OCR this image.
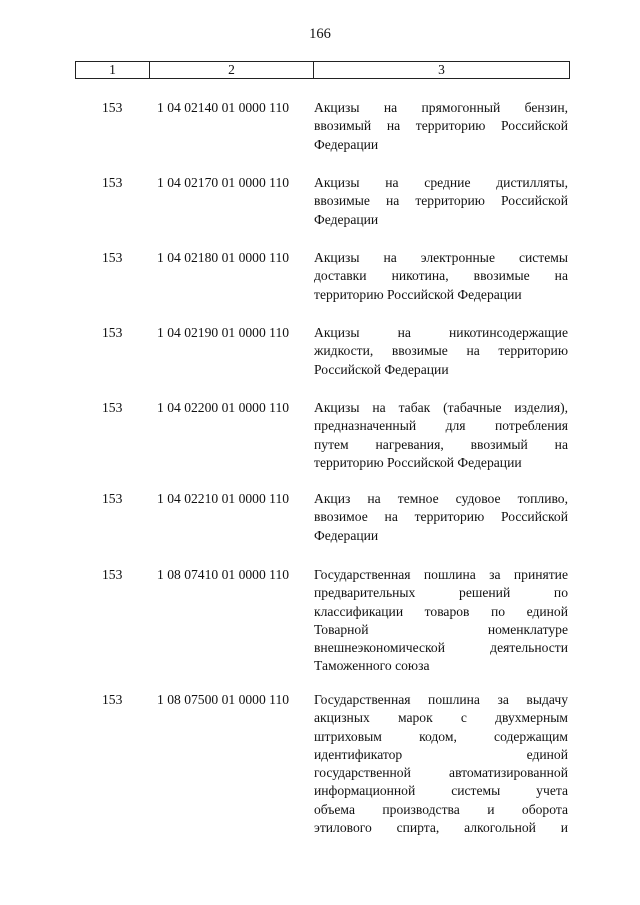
166
1	2	3
153	1 04 02140 01 0000 110	Акцизы на прямогонный бензин,
ввозимый на территорию Российской
Федерации
153	1 04 02170 01 0000 110	Акцизы на средние дистилляты,
ввозимые на территорию Российской
Федерации
153	1 04 02180 01 0000 110	Акцизы на электронные системы
доставки никотина, ввозимые на
территорию Российской Федерации
153	1 04 02190 01 0000 110	Акцизы на никотинсодержащие
жидкости, ввозимые на территорию
Российской Федерации
153	1 04 02200 01 0000 110	Акцизы на табак (табачные изделия),
предназначенный для потребления
путем нагревания, ввозимый на
территорию Российской Федерации
153	1 04 02210 01 0000 110	Акциз на темное судовое топливо,
ввозимое на территорию Российской
Федерации
153	1 08 07410 01 0000 110	Государственная пошлина за принятие
предварительных решений по
классификации товаров по единой
Товарной номенклатуре
внешнеэкономической деятельности
Таможенного союза
153	1 08 07500 01 0000 110	Государственная пошлина за выдачу
акцизных марок с двухмерным
штриховым кодом, содержащим
идентификатор единой
государственной автоматизированной
информационной системы учета
объема производства и оборота
этилового спирта, алкогольной и
